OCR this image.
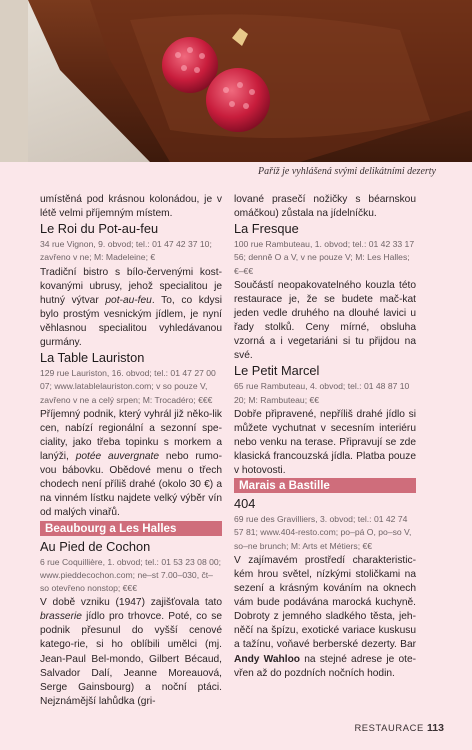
Paříž je vyhlášená svými delikátními dezerty

umístěná pod krásnou kolonádou, je v létě velmi příjemným místem.

Le Roi du Pot-au-feu
34 rue Vignon, 9. obvod; tel.: 01 47 42 37 10; zavřeno v ne; M: Madeleine; €

Tradiční bistro s bílo-červenými kost-kovanými ubrusy, jehož specialitou je hutný výtvar pot-au-feu. To, co kdysi bylo prostým vesnickým jídlem, je nyní věhlasnou specialitou vyhledávanou gurmány.

La Table Lauriston
129 rue Lauriston, 16. obvod; tel.: 01 47 27 00 07; www.latablelauriston.com; v so pouze V, zavřeno v ne a celý srpen; M: Trocadéro; €€€

Příjemný podnik, který vyhrál již něko-lik cen, nabízí regionální a sezonní spe-ciality, jako třeba topinku s morkem a lanýži, potée auvergnate nebo rumo-vou bábovku. Obědové menu o třech chodech není příliš drahé (okolo 30 €) a na vinném lístku najdete velký výběr vín od malých vinařů.

Beaubourg a Les Halles
Au Pied de Cochon
6 rue Coquillière, 1. obvod; tel.: 01 53 23 08 00; www.pieddecochon.com; ne–st 7.00–030, čt–so otevřeno nonstop; €€€

V době vzniku (1947) zajišťovala tato brasserie jídlo pro trhovce. Poté, co se podnik přesunul do vyšší cenové katego-rie, si ho oblíbili umělci (mj. Jean-Paul Bel-mondo, Gilbert Bécaud, Salvador Dalí, Jeanne Moreauová, Serge Gainsbourg) a noční ptáci. Nejznámější lahůdka (gri-

lované prasečí nožičky s béarnskou omáčkou) zůstala na jídelníčku.

La Fresque
100 rue Rambuteau, 1. obvod; tel.: 01 42 33 17 56; denně O a V, v ne pouze V; M: Les Halles; €–€€

Součástí neopakovatelného kouzla této restaurace je, že se budete mač-kat jeden vedle druhého na dlouhé lavici u řady stolků. Ceny mírné, obsluha vzorná a i vegetariáni si tu přijdou na své.

Le Petit Marcel
65 rue Rambuteau, 4. obvod; tel.: 01 48 87 10 20; M: Rambuteau; €€

Dobře připravené, nepříliš drahé jídlo si můžete vychutnat v secesním interiéru nebo venku na terase. Připravují se zde klasická francouzská jídla. Platba pouze v hotovosti.

Marais a Bastille
404
69 rue des Gravilliers, 3. obvod; tel.: 01 42 74 57 81; www.404-resto.com; po–pá O, po–so V, so–ne brunch; M: Arts et Métiers; €€

V zajímavém prostředí charakteristic-kém hrou světel, nízkými stoličkami na sezení a krásným kováním na oknech vám bude podávána marocká kuchyně. Dobroty z jemného sladkého těsta, jeh-něčí na špízu, exotické variace kuskusu a tažínu, voňavé berberské dezerty. Bar Andy Wahloo na stejné adrese je ote-vřen až do pozdních nočních hodin.

RESTAURACE 113
